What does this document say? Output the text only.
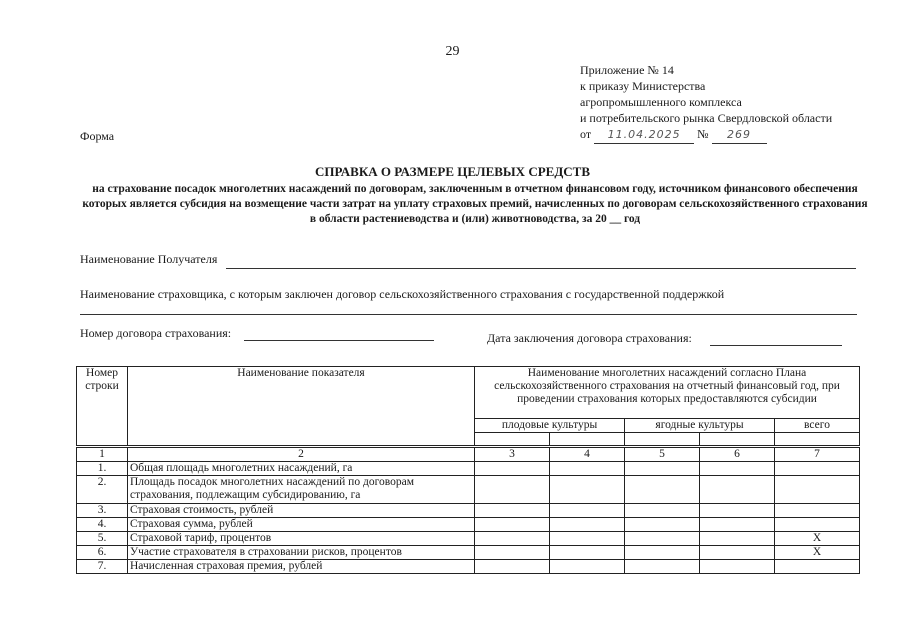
29
Приложение № 14
к приказу Министерства
агропромышленного комплекса
и потребительского рынка Свердловской области
от 11.04.2025 № 269
Форма
СПРАВКА О РАЗМЕРЕ ЦЕЛЕВЫХ СРЕДСТВ
на страхование посадок многолетних насаждений по договорам, заключенным в отчетном финансовом году, источником финансового обеспечения которых является субсидия на возмещение части затрат на уплату страховых премий, начисленных по договорам сельскохозяйственного страхования в области растениеводства и (или) животноводства, за 20 __ год
Наименование Получателя
Наименование страховщика, с которым заключен договор сельскохозяйственного страхования с государственной поддержкой
Номер договора страхования:	Дата заключения договора страхования:
Номер строки	Наименование показателя	Наименование многолетних насаждений согласно Плана сельскохозяйственного страхования на отчетный финансовый год, при проведении страхования которых предоставляются субсидии				
		плодовые культуры		ягодные культуры		всего

1	2	3	4	5	6	7
1.	Общая площадь многолетних насаждений, га					
2.	Площадь посадок многолетних насаждений по договорам страхования, подлежащим субсидированию, га					
3.	Страховая стоимость, рублей					
4.	Страховая сумма, рублей					
5.	Страховой тариф, процентов					X
6.	Участие страхователя в страховании рисков, процентов					X
7.	Начисленная страховая премия, рублей					
